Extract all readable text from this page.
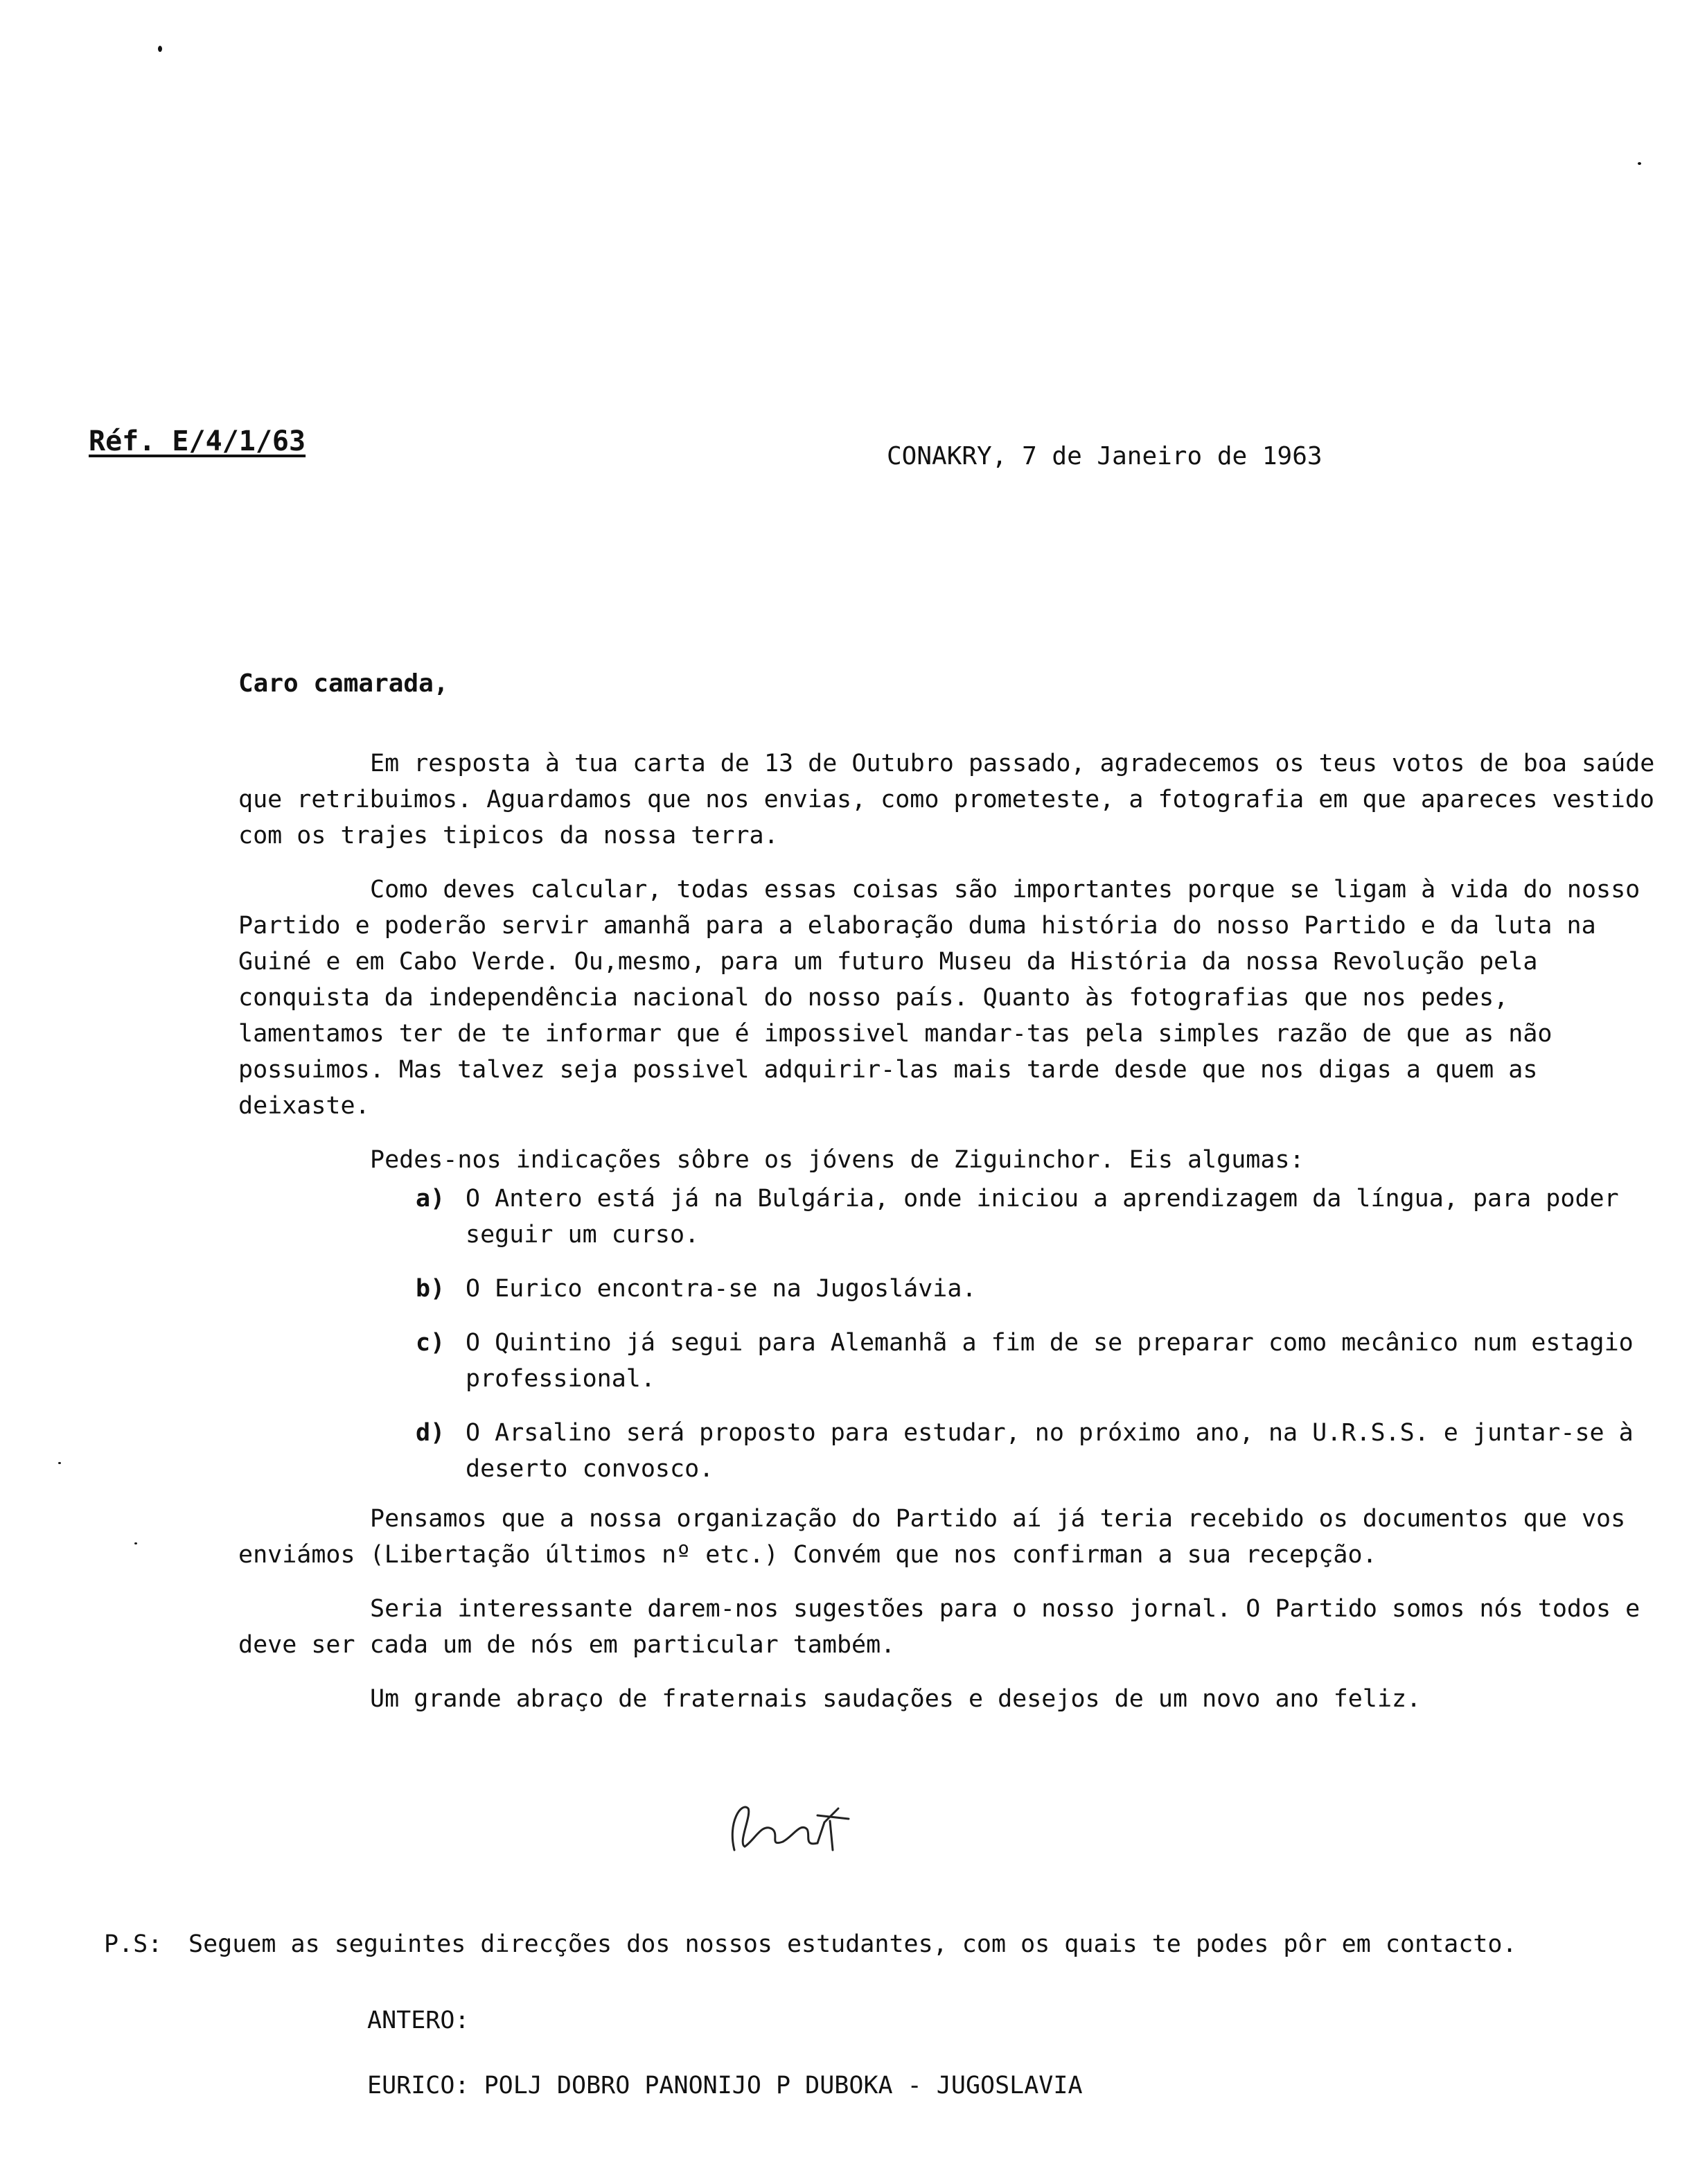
Réf. E/4/1/63	CONAKRY, 7 de Janeiro de 1963
Caro camarada,

Em resposta à tua carta de 13 de Outubro passado, agradecemos os teus votos de boa saúde que retribuimos. Aguardamos que nos envias, como prometeste, a fotografia em que apareces vestido com os trajes tipicos da nossa terra.

Como deves calcular, todas essas coisas são importantes porque se ligam à vida do nosso Partido e poderão servir amanhã para a elaboração duma história do nosso Partido e da luta na Guiné e em Cabo Verde. Ou,mesmo, para um futuro Museu da História da nossa Revolução pela conquista da independência nacional do nosso país. Quanto às fotografias que nos pedes, lamentamos ter de te informar que é impossivel mandar-tas pela simples razão de que as não possuimos. Mas talvez seja possivel adquirir-las mais tarde desde que nos digas a quem as deixaste.

Pedes-nos indicações sôbre os jóvens de Ziguinchor. Eis algumas:

a) O Antero está já na Bulgária, onde iniciou a aprendizagem da língua, para poder seguir um curso.
b) O Eurico encontra-se na Jugoslávia.
c) O Quintino já segui para Alemanhã a fim de se preparar como mecânico num estagio professional.
d) O Arsalino será proposto para estudar, no próximo ano, na U.R.S.S. e juntar-se à deserto convosco.

Pensamos que a nossa organização do Partido aí já teria recebido os documentos que vos enviámos (Libertação últimos nº etc.) Convém que nos confirman a sua recepção.

Seria interessante darem-nos sugestões para o nosso jornal. O Partido somos nós todos e deve ser cada um de nós em particular também.

Um grande abraço de fraternais saudações e desejos de um novo ano feliz.

P.S: Seguem as seguintes direcções dos nossos estudantes, com os quais te podes pôr em contacto.
ANTERO:
EURICO: POLJ DOBRO PANONIJO P DUBOKA - JUGOSLAVIA
